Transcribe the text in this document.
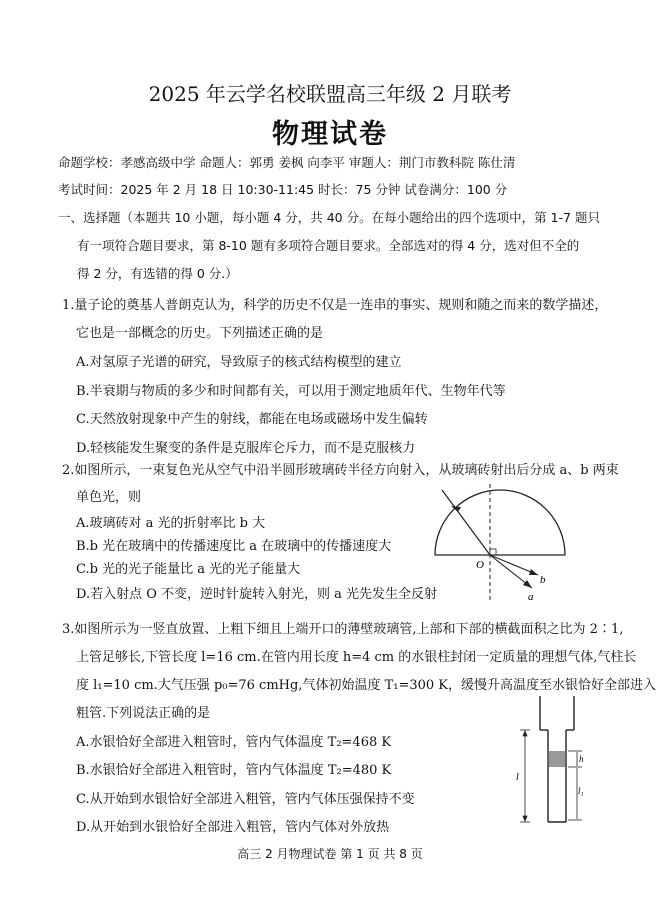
2025 年云学名校联盟高三年级 2 月联考
物理试卷
命题学校：孝感高级中学 命题人：郭勇 姜枫 向李平 审题人：荆门市教科院 陈仕清
考试时间：2025 年 2 月 18 日 10:30-11:45 时长：75 分钟 试卷满分：100 分
一、选择题（本题共 10 小题，每小题 4 分，共 40 分。在每小题给出的四个选项中，第 1-7 题只
有一项符合题目要求，第 8-10 题有多项符合题目要求。全部选对的得 4 分，选对但不全的
得 2 分，有选错的得 0 分.）
1.量子论的奠基人普朗克认为，科学的历史不仅是一连串的事实、规则和随之而来的数学描述，
它也是一部概念的历史。下列描述正确的是
A.对氢原子光谱的研究，导致原子的核式结构模型的建立
B.半衰期与物质的多少和时间都有关，可以用于测定地质年代、生物年代等
C.天然放射现象中产生的射线，都能在电场或磁场中发生偏转
D.轻核能发生聚变的条件是克服库仑斥力，而不是克服核力
2.如图所示，一束复色光从空气中沿半圆形玻璃砖半径方向射入，从玻璃砖射出后分成 a、b 两束
单色光，则
A.玻璃砖对 a 光的折射率比 b 大
B.b 光在玻璃中的传播速度比 a 在玻璃中的传播速度大
C.b 光的光子能量比 a 光的光子能量大
D.若入射点 O 不变，逆时针旋转入射光，则 a 光先发生全反射
O
b
a
3.如图所示为一竖直放置、上粗下细且上端开口的薄壁玻璃管,上部和下部的横截面积之比为 2∶1,
上管足够长,下管长度 l=16 cm.在管内用长度 h=4 cm 的水银柱封闭一定质量的理想气体,气柱长
度 l₁=10 cm.大气压强 p₀=76 cmHg,气体初始温度 T₁=300 K，缓慢升高温度至水银恰好全部进入
粗管.下列说法正确的是
A.水银恰好全部进入粗管时，管内气体温度 T₂=468 K
B.水银恰好全部进入粗管时，管内气体温度 T₂=480 K
C.从开始到水银恰好全部进入粗管，管内气体压强保持不变
D.从开始到水银恰好全部进入粗管，管内气体对外放热
l
h
l₁
高三 2 月物理试卷 第 1 页 共 8 页
